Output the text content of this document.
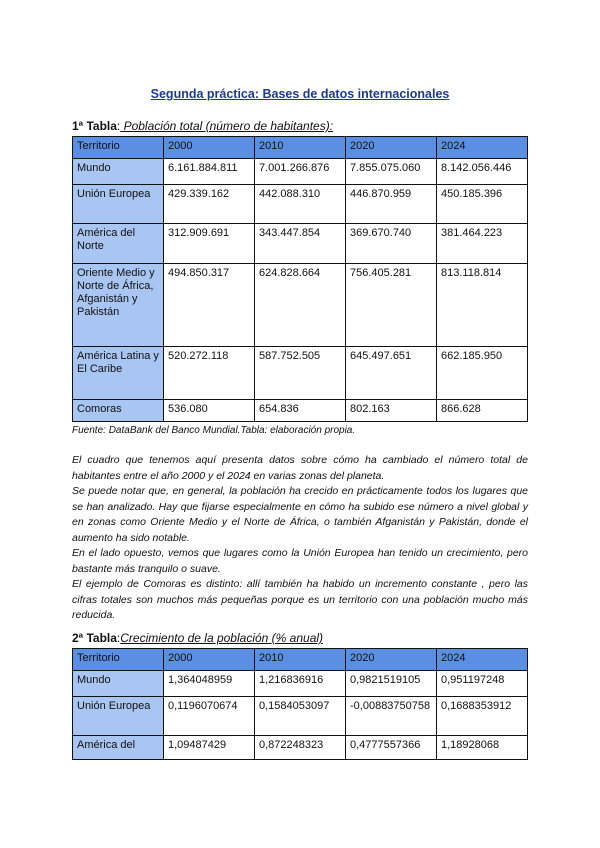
Segunda práctica: Bases de datos internacionales
1ª Tabla: Población total (número de habitantes):
Territorio	2000	2010	2020	2024
Mundo	6.161.884.811	7.001.266.876	7.855.075.060	8.142.056.446
Unión Europea	429.339.162	442.088.310	446.870.959	450.185.396
América del Norte	312.909.691	343.447.854	369.670.740	381.464.223
Oriente Medio y Norte de África, Afganistán y Pakistán	494.850.317	624.828.664	756.405.281	813.118.814
América Latina y El Caribe	520.272.118	587.752.505	645.497.651	662.185.950
Comoras	536.080	654.836	802.163	866.628
Fuente: DataBank del Banco Mundial.Tabla: elaboración propia.

El cuadro que tenemos aquí presenta datos sobre cómo ha cambiado el número total de habitantes entre el año 2000 y el 2024 en varias zonas del planeta.

Se puede notar que, en general, la población ha crecido en prácticamente todos los lugares que se han analizado. Hay que fijarse especialmente en cómo ha subido ese número a nivel global y en zonas como Oriente Medio y el Norte de África, o también Afganistán y Pakistán, donde el aumento ha sido notable.

En el lado opuesto, vemos que lugares como la Unión Europea han tenido un crecimiento, pero bastante más tranquilo o suave.

El ejemplo de Comoras es distinto: allí también ha habido un incremento constante , pero las cifras totales son muchos más pequeñas porque es un territorio con una población mucho más reducida.

2ª Tabla:Crecimiento de la población (% anual)
Territorio	2000	2010	2020	2024
Mundo	1,364048959	1,216836916	0,9821519105	0,951197248
Unión Europea	0,1196070674	0,1584053097	-0,00883750758	0,1688353912
América del	1,09487429	0,872248323	0,4777557366	1,18928068
